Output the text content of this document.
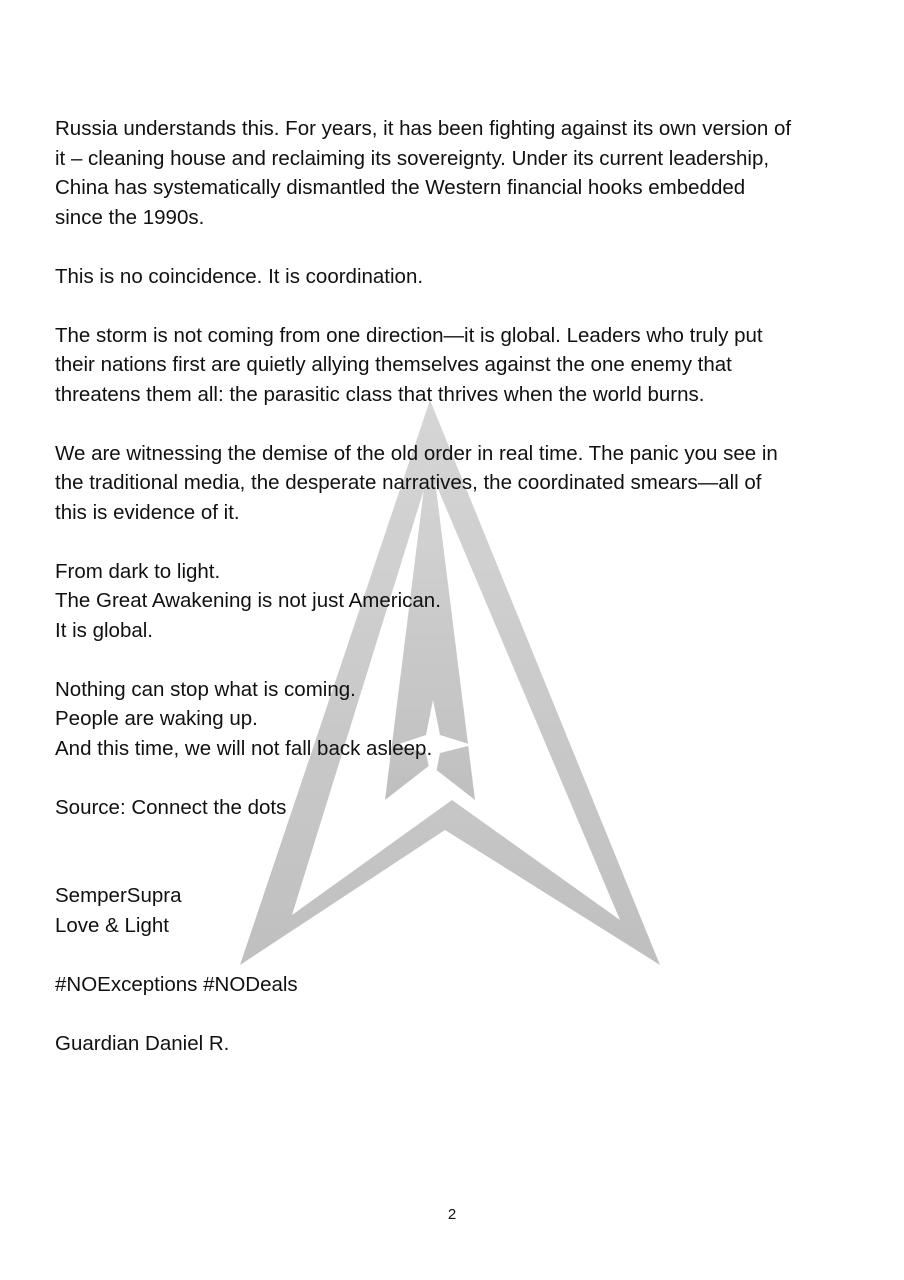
Russia understands this. For years, it has been fighting against its own version of
it – cleaning house and reclaiming its sovereignty. Under its current leadership,
China has systematically dismantled the Western financial hooks embedded
since the 1990s.

This is no coincidence. It is coordination.

The storm is not coming from one direction—it is global. Leaders who truly put
their nations first are quietly allying themselves against the one enemy that
threatens them all: the parasitic class that thrives when the world burns.

We are witnessing the demise of the old order in real time. The panic you see in
the traditional media, the desperate narratives, the coordinated smears—all of
this is evidence of it.

From dark to light.
The Great Awakening is not just American.
It is global.

Nothing can stop what is coming.
People are waking up.
And this time, we will not fall back asleep.

Source: Connect the dots

SemperSupra
Love & Light

#NOExceptions #NODeals

Guardian Daniel R.

2
